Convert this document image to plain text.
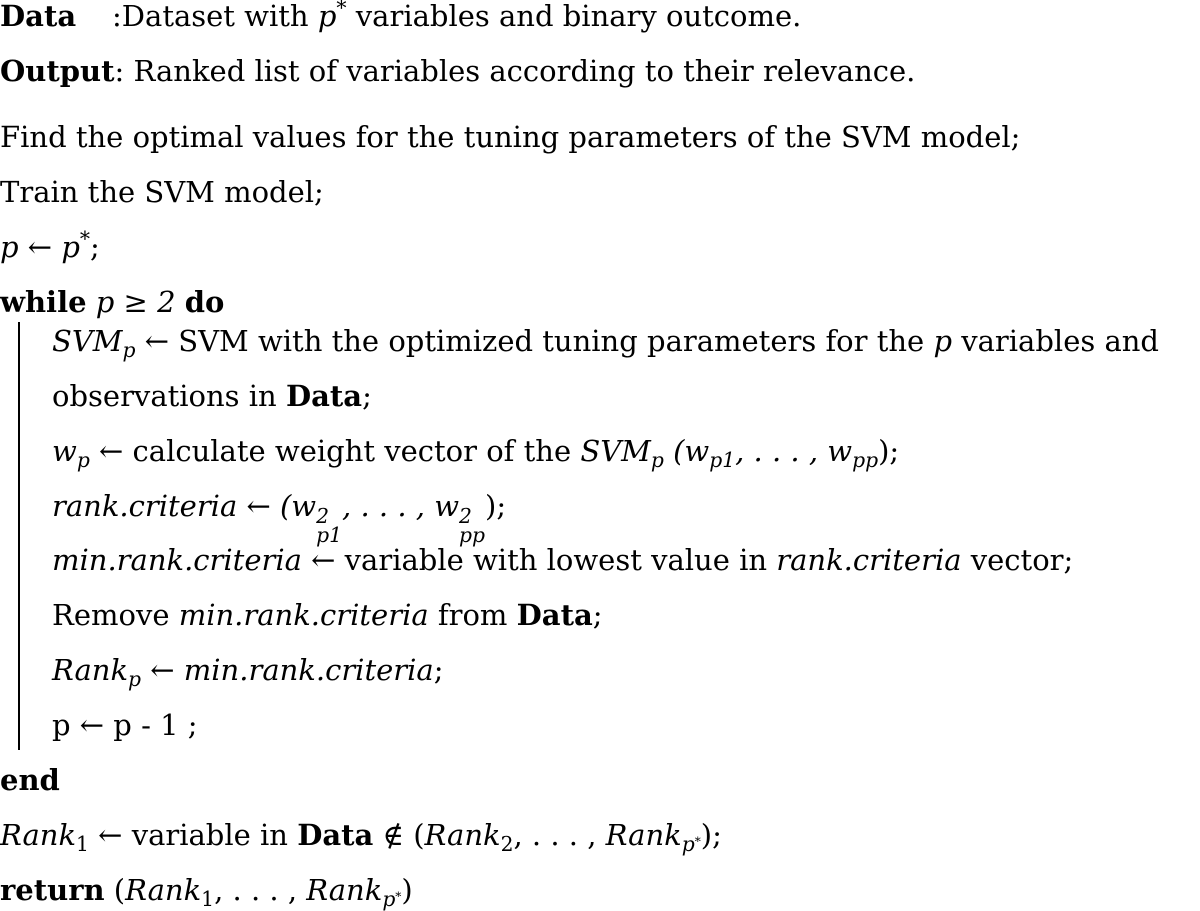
Data :Dataset with p* variables and binary outcome.
Output: Ranked list of variables according to their relevance.
Find the optimal values for the tuning parameters of the SVM model;
Train the SVM model;
p ← p*;
while p ≥ 2 do
$SVM_p$ ← SVM with the optimized tuning parameters for the p variables and
observations in Data;
$w_p$ ← calculate weight vector of the $SVM_p$ ($w_{p1}$, . . . , $w_{pp}$);
rank.criteria ← (w 2
p1
, . . . , w 2
pp
);
min.rank.criteria ← variable with lowest value in rank.criteria vector;
Remove min.rank.criteria from Data;
Rank$_p$ ← min.rank.criteria;
p ← p - 1 ;
end
Rank$_1$ ← variable in Data ∉ (Rank$_2$, . . . , Rank$_{p^*}$);
return (Rank$_1$, . . . , Rank$_{p^*}$)
